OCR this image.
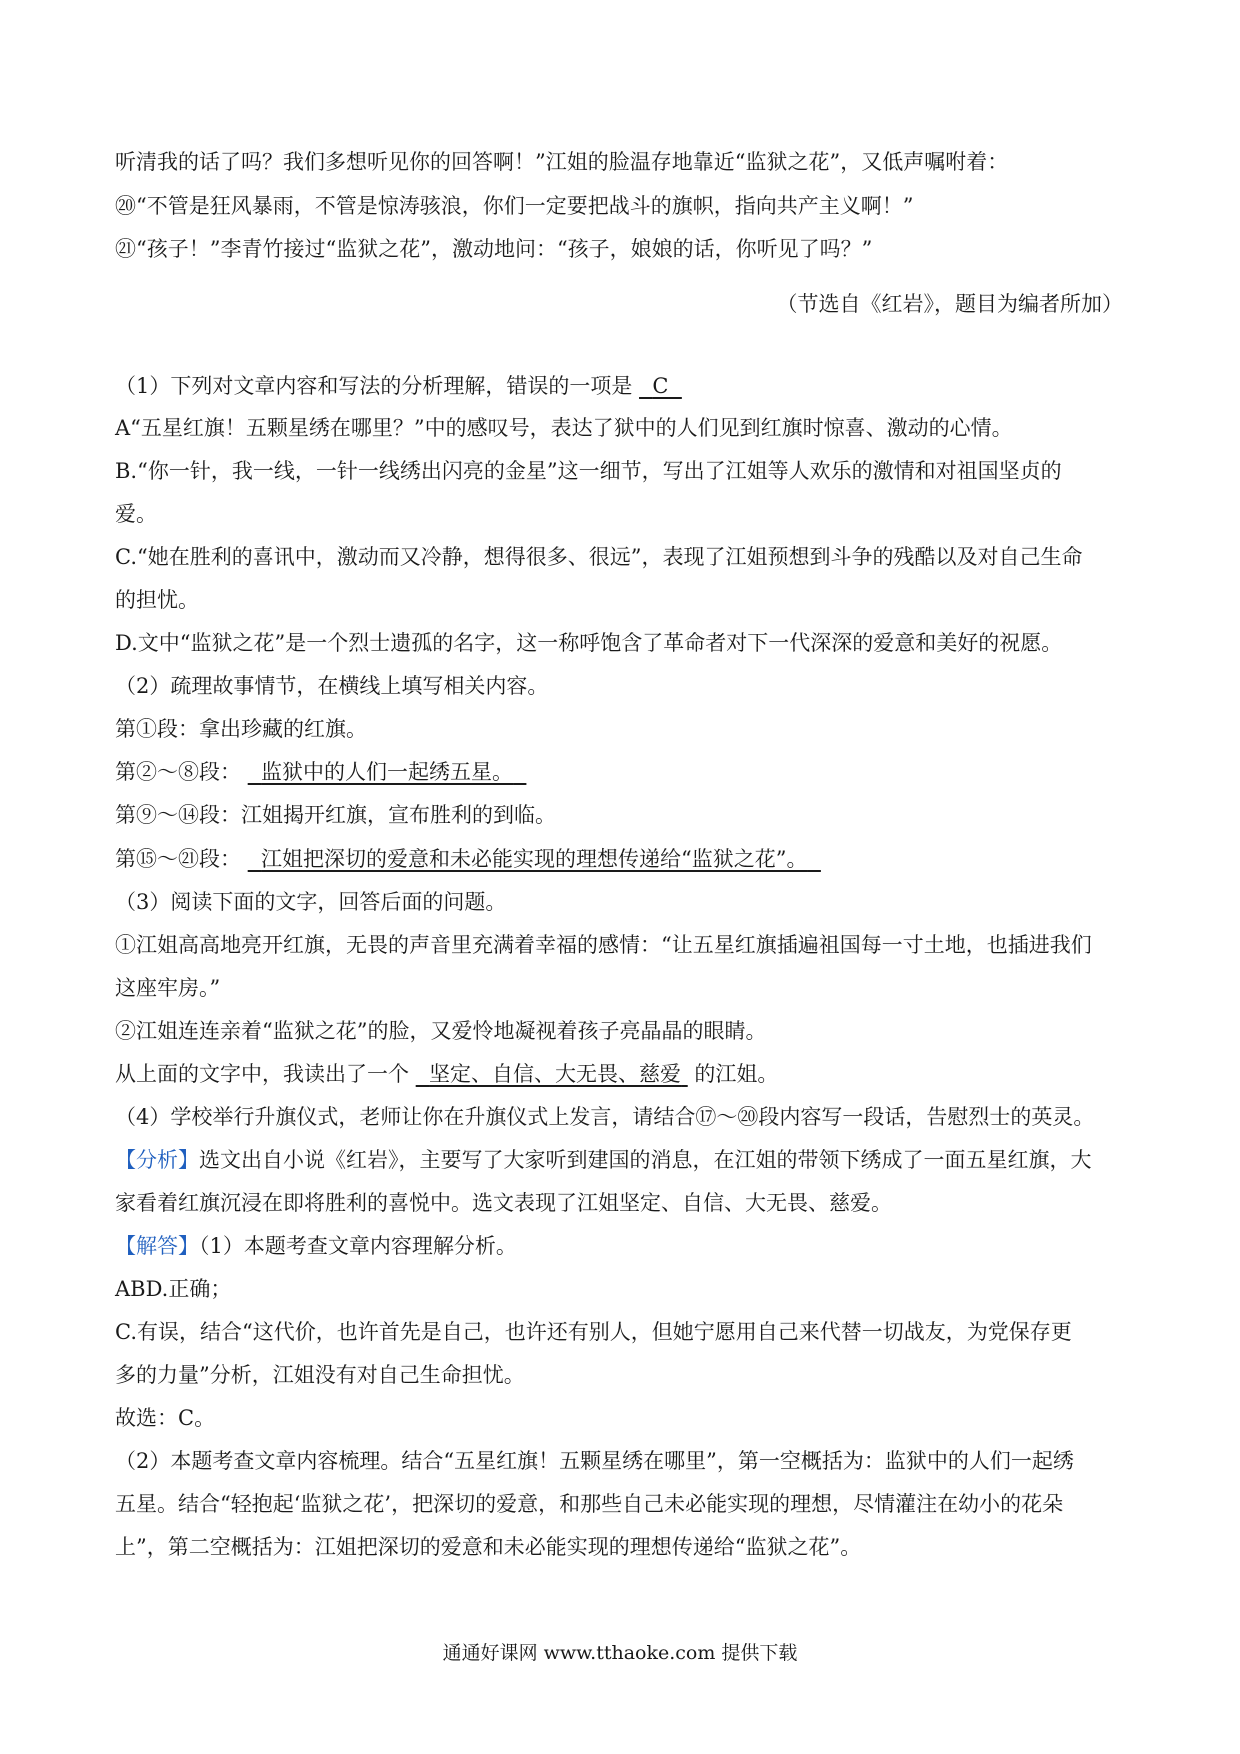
听清我的话了吗？我们多想听见你的回答啊！”江姐的脸温存地靠近“监狱之花”，又低声嘱咐着：
⑳“不管是狂风暴雨，不管是惊涛骇浪，你们一定要把战斗的旗帜，指向共产主义啊！”
㉑“孩子！”李青竹接过“监狱之花”，激动地问：“孩子，娘娘的话，你听见了吗？”
（节选自《红岩》，题目为编者所加）
（1）下列对文章内容和写法的分析理解，错误的一项是 C
A“五星红旗！五颗星绣在哪里？”中的感叹号，表达了狱中的人们见到红旗时惊喜、激动的心情。
B.“你一针，我一线，一针一线绣出闪亮的金星”这一细节，写出了江姐等人欢乐的激情和对祖国坚贞的
爱。
C.“她在胜利的喜讯中，激动而又冷静，想得很多、很远”，表现了江姐预想到斗争的残酷以及对自己生命
的担忧。
D.文中“监狱之花”是一个烈士遗孤的名字，这一称呼饱含了革命者对下一代深深的爱意和美好的祝愿。
（2）疏理故事情节，在横线上填写相关内容。
第①段：拿出珍藏的红旗。
第②～⑧段： 监狱中的人们一起绣五星。
第⑨～⑭段：江姐揭开红旗，宣布胜利的到临。
第⑮～㉑段： 江姐把深切的爱意和未必能实现的理想传递给“监狱之花”。
（3）阅读下面的文字，回答后面的问题。
①江姐高高地亮开红旗，无畏的声音里充满着幸福的感情：“让五星红旗插遍祖国每一寸土地，也插进我们
这座牢房。”
②江姐连连亲着“监狱之花”的脸，又爱怜地凝视着孩子亮晶晶的眼睛。
从上面的文字中，我读出了一个 坚定、自信、大无畏、慈爱 的江姐。
（4）学校举行升旗仪式，老师让你在升旗仪式上发言，请结合⑰～⑳段内容写一段话，告慰烈士的英灵。
【分析】选文出自小说《红岩》，主要写了大家听到建国的消息，在江姐的带领下绣成了一面五星红旗，大
家看着红旗沉浸在即将胜利的喜悦中。选文表现了江姐坚定、自信、大无畏、慈爱。
【解答】（1）本题考查文章内容理解分析。
ABD.正确；
C.有误，结合“这代价，也许首先是自己，也许还有别人，但她宁愿用自己来代替一切战友，为党保存更
多的力量”分析，江姐没有对自己生命担忧。
故选：C。
（2）本题考查文章内容梳理。结合“五星红旗！五颗星绣在哪里”，第一空概括为：监狱中的人们一起绣
五星。结合“轻抱起‘监狱之花’，把深切的爱意，和那些自己未必能实现的理想，尽情灌注在幼小的花朵
上”，第二空概括为：江姐把深切的爱意和未必能实现的理想传递给“监狱之花”。
通通好课网 www.tthaoke.com 提供下载
